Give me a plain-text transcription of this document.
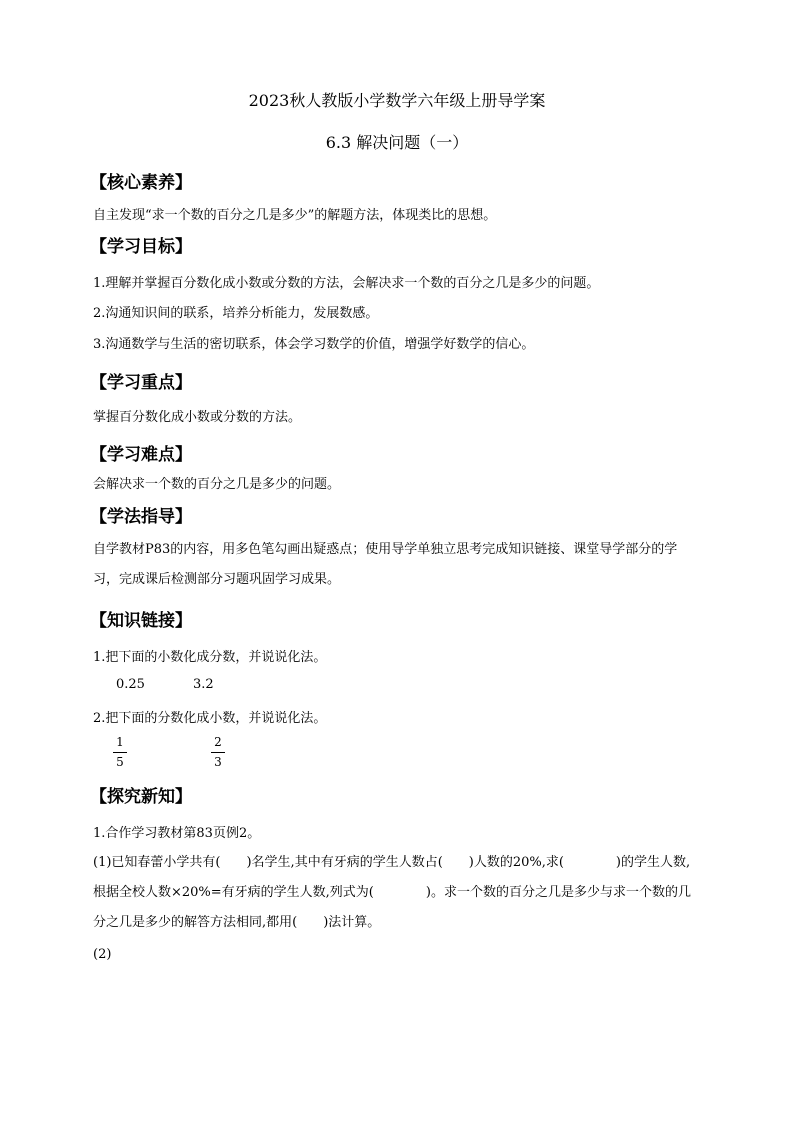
2023秋人教版小学数学六年级上册导学案
6.3 解决问题（一）
【核心素养】
自主发现“求一个数的百分之几是多少”的解题方法，体现类比的思想。
【学习目标】
1.理解并掌握百分数化成小数或分数的方法，会解决求一个数的百分之几是多少的问题。
2.沟通知识间的联系，培养分析能力，发展数感。
3.沟通数学与生活的密切联系，体会学习数学的价值，增强学好数学的信心。
【学习重点】
掌握百分数化成小数或分数的方法。
【学习难点】
会解决求一个数的百分之几是多少的问题。
【学法指导】
自学教材P83的内容，用多色笔勾画出疑惑点；使用导学单独立思考完成知识链接、课堂导学部分的学习，完成课后检测部分习题巩固学习成果。
【知识链接】
1.把下面的小数化成分数，并说说化法。
0.25	3.2
2.把下面的分数化成小数，并说说化法。
1
5
2
3
【探究新知】
1.合作学习教材第83页例2。
(1)已知春蕾小学共有(　　)名学生,其中有牙病的学生人数占(　　)人数的20%,求(　　　　)的学生人数,根据全校人数×20%=有牙病的学生人数,列式为(　　　　)。求一个数的百分之几是多少与求一个数的几分之几是多少的解答方法相同,都用(　　)法计算。
(2)
